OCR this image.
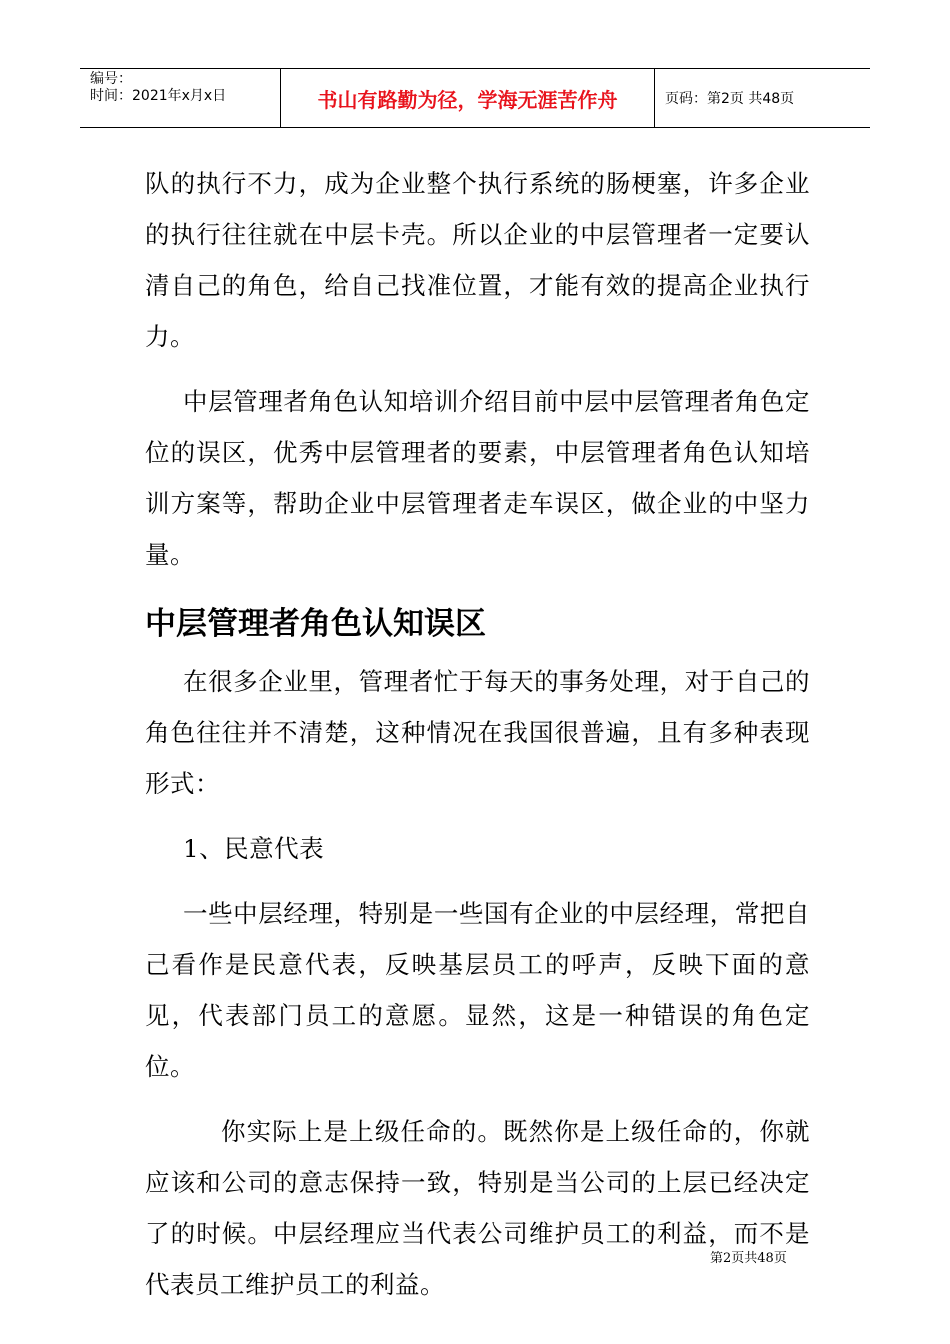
编号：
时间：2021年x月x日	书山有路勤为径，学海无涯苦作舟	页码：第2页 共48页

队的执行不力，成为企业整个执行系统的肠梗塞，许多企业的执行往往就在中层卡壳。所以企业的中层管理者一定要认清自己的角色，给自己找准位置，才能有效的提高企业执行力。

中层管理者角色认知培训介绍目前中层中层管理者角色定位的误区，优秀中层管理者的要素，中层管理者角色认知培训方案等，帮助企业中层管理者走车误区，做企业的中坚力量。

中层管理者角色认知误区

在很多企业里，管理者忙于每天的事务处理，对于自己的角色往往并不清楚，这种情况在我国很普遍，且有多种表现形式：

1、民意代表

一些中层经理，特别是一些国有企业的中层经理，常把自己看作是民意代表，反映基层员工的呼声，反映下面的意见，代表部门员工的意愿。显然，这是一种错误的角色定位。

你实际上是上级任命的。既然你是上级任命的，你就应该和公司的意志保持一致，特别是当公司的上层已经决定了的时候。中层经理应当代表公司维护员工的利益，而不是代表员工维护员工的利益。

第2页共48页
